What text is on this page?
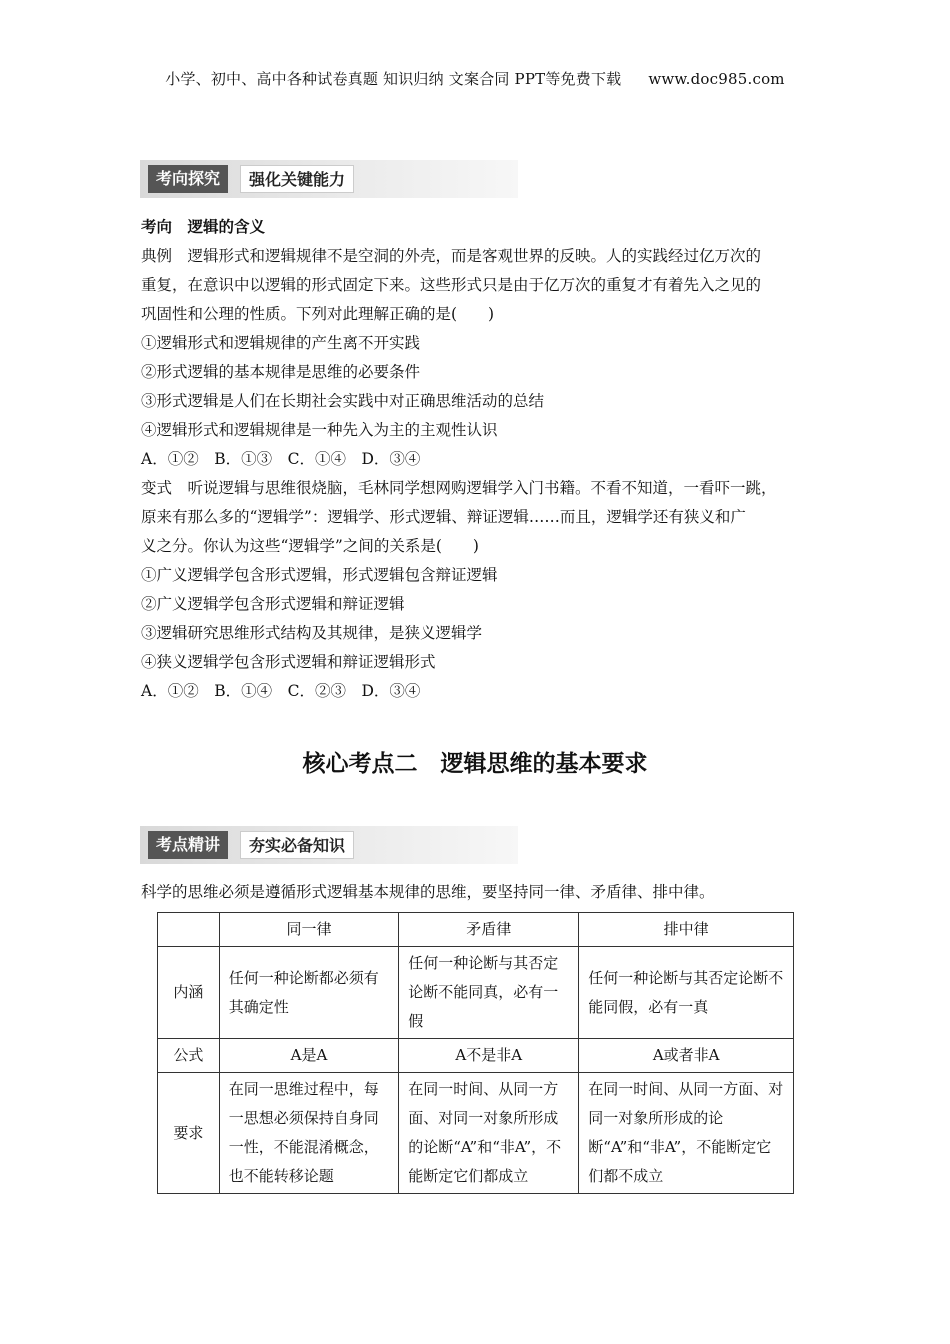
小学、初中、高中各种试卷真题 知识归纳 文案合同 PPT等免费下载 www.doc985.com
考向探究	强化关键能力

考向　逻辑的含义

典例　逻辑形式和逻辑规律不是空洞的外壳，而是客观世界的反映。人的实践经过亿万次的

重复，在意识中以逻辑的形式固定下来。这些形式只是由于亿万次的重复才有着先入之见的

巩固性和公理的性质。下列对此理解正确的是(　　)

①逻辑形式和逻辑规律的产生离不开实践

②形式逻辑的基本规律是思维的必要条件

③形式逻辑是人们在长期社会实践中对正确思维活动的总结

④逻辑形式和逻辑规律是一种先入为主的主观性认识

A．①②　B．①③　C．①④　D．③④

变式　听说逻辑与思维很烧脑，毛林同学想网购逻辑学入门书籍。不看不知道，一看吓一跳，

原来有那么多的“逻辑学”：逻辑学、形式逻辑、辩证逻辑……而且，逻辑学还有狭义和广

义之分。你认为这些“逻辑学”之间的关系是(　　)

①广义逻辑学包含形式逻辑，形式逻辑包含辩证逻辑

②广义逻辑学包含形式逻辑和辩证逻辑

③逻辑研究思维形式结构及其规律，是狭义逻辑学

④狭义逻辑学包含形式逻辑和辩证逻辑形式

A．①②　B．①④　C．②③　D．③④

核心考点二　逻辑思维的基本要求
考点精讲	夯实必备知识
科学的思维必须是遵循形式逻辑基本规律的思维，要坚持同一律、矛盾律、排中律。
	同一律	矛盾律	排中律
内涵	任何一种论断都必须有其确定性	任何一种论断与其否定论断不能同真，必有一假	任何一种论断与其否定论断不能同假，必有一真
公式	A是A	A不是非A	A或者非A
要求	在同一思维过程中，每一思想必须保持自身同一性，不能混淆概念，也不能转移论题	在同一时间、从同一方面、对同一对象所形成的论断“A”和“非A”，不能断定它们都成立	在同一时间、从同一方面、对同一对象所形成的论断“A”和“非A”，不能断定它们都不成立
